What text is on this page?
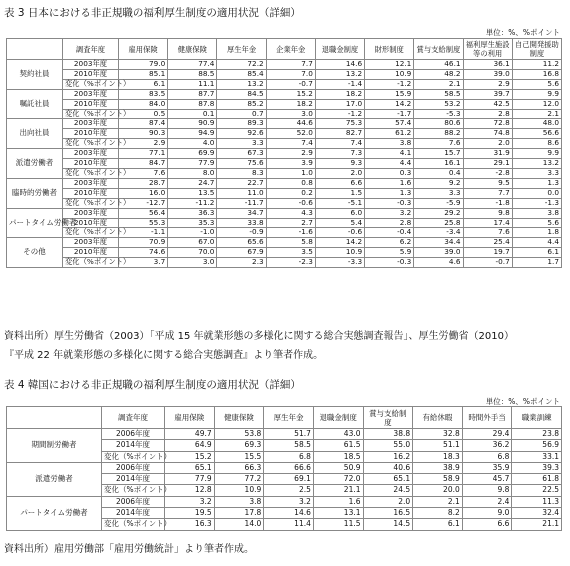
表 3 日本における非正規職の福利厚生制度の適用状況（詳細）
単位：%、%ポイント
	調査年度	雇用保険	健康保険	厚生年金	企業年金	退職金制度	財形制度	賞与支給制度	福利厚生施設等の利用	自己開発援助制度
契約社員	2003年度	79.0	77.4	72.2	7.7	14.6	12.1	46.1	36.1	11.2
	2010年度	85.1	88.5	85.4	7.0	13.2	10.9	48.2	39.0	16.8
	変化（%ポイント）	6.1	11.1	13.2	-0.7	-1.4	-1.2	2.1	2.9	5.6
嘱託社員	2003年度	83.5	87.7	84.5	15.2	18.2	15.9	58.5	39.7	9.9
	2010年度	84.0	87.8	85.2	18.2	17.0	14.2	53.2	42.5	12.0
	変化（%ポイント）	0.5	0.1	0.7	3.0	-1.2	-1.7	-5.3	2.8	2.1
出向社員	2003年度	87.4	90.9	89.3	44.6	75.3	57.4	80.6	72.8	48.0
	2010年度	90.3	94.9	92.6	52.0	82.7	61.2	88.2	74.8	56.6
	変化（%ポイント）	2.9	4.0	3.3	7.4	7.4	3.8	7.6	2.0	8.6
派遣労働者	2003年度	77.1	69.9	67.3	2.9	7.3	4.1	15.7	31.9	9.9
	2010年度	84.7	77.9	75.6	3.9	9.3	4.4	16.1	29.1	13.2
	変化（%ポイント）	7.6	8.0	8.3	1.0	2.0	0.3	0.4	-2.8	3.3
臨時的労働者	2003年度	28.7	24.7	22.7	0.8	6.6	1.6	9.2	9.5	1.3
	2010年度	16.0	13.5	11.0	0.2	1.5	1.3	3.3	7.7	0.0
	変化（%ポイント）	-12.7	-11.2	-11.7	-0.6	-5.1	-0.3	-5.9	-1.8	-1.3
パートタイム労働者	2003年度	56.4	36.3	34.7	4.3	6.0	3.2	29.2	9.8	3.8
	2010年度	55.3	35.3	33.8	2.7	5.4	2.8	25.8	17.4	5.6
	変化（%ポイント）	-1.1	-1.0	-0.9	-1.6	-0.6	-0.4	-3.4	7.6	1.8
その他	2003年度	70.9	67.0	65.6	5.8	14.2	6.2	34.4	25.4	4.4
	2010年度	74.6	70.0	67.9	3.5	10.9	5.9	39.0	19.7	6.1
	変化（%ポイント）	3.7	3.0	2.3	-2.3	-3.3	-0.3	4.6	-0.7	1.7
資料出所）厚生労働省（2003）「平成 15 年就業形態の多様化に関する総合実態調査報告」、厚生労働省（2010）
『平成 22 年就業形態の多様化に関する総合実態調査』より筆者作成。
表 4 韓国における非正規職の福利厚生制度の適用状況（詳細）
単位：%、%ポイント
	調査年度	雇用保険	健康保険	厚生年金	退職金制度	賞与支給制度	有給休暇	時間外手当	職業訓練
期間制労働者	2006年度	49.7	53.8	51.7	43.0	38.8	32.8	29.4	23.8
	2014年度	64.9	69.3	58.5	61.5	55.0	51.1	36.2	56.9
	変化（%ポイント）	15.2	15.5	6.8	18.5	16.2	18.3	6.8	33.1
派遣労働者	2006年度	65.1	66.3	66.6	50.9	40.6	38.9	35.9	39.3
	2014年度	77.9	77.2	69.1	72.0	65.1	58.9	45.7	61.8
	変化（%ポイント）	12.8	10.9	2.5	21.1	24.5	20.0	9.8	22.5
パートタイム労働者	2006年度	3.2	3.8	3.2	1.6	2.0	2.1	2.4	11.3
	2014年度	19.5	17.8	14.6	13.1	16.5	8.2	9.0	32.4
	変化（%ポイント）	16.3	14.0	11.4	11.5	14.5	6.1	6.6	21.1
資料出所）雇用労働部「雇用労働統計」より筆者作成。
